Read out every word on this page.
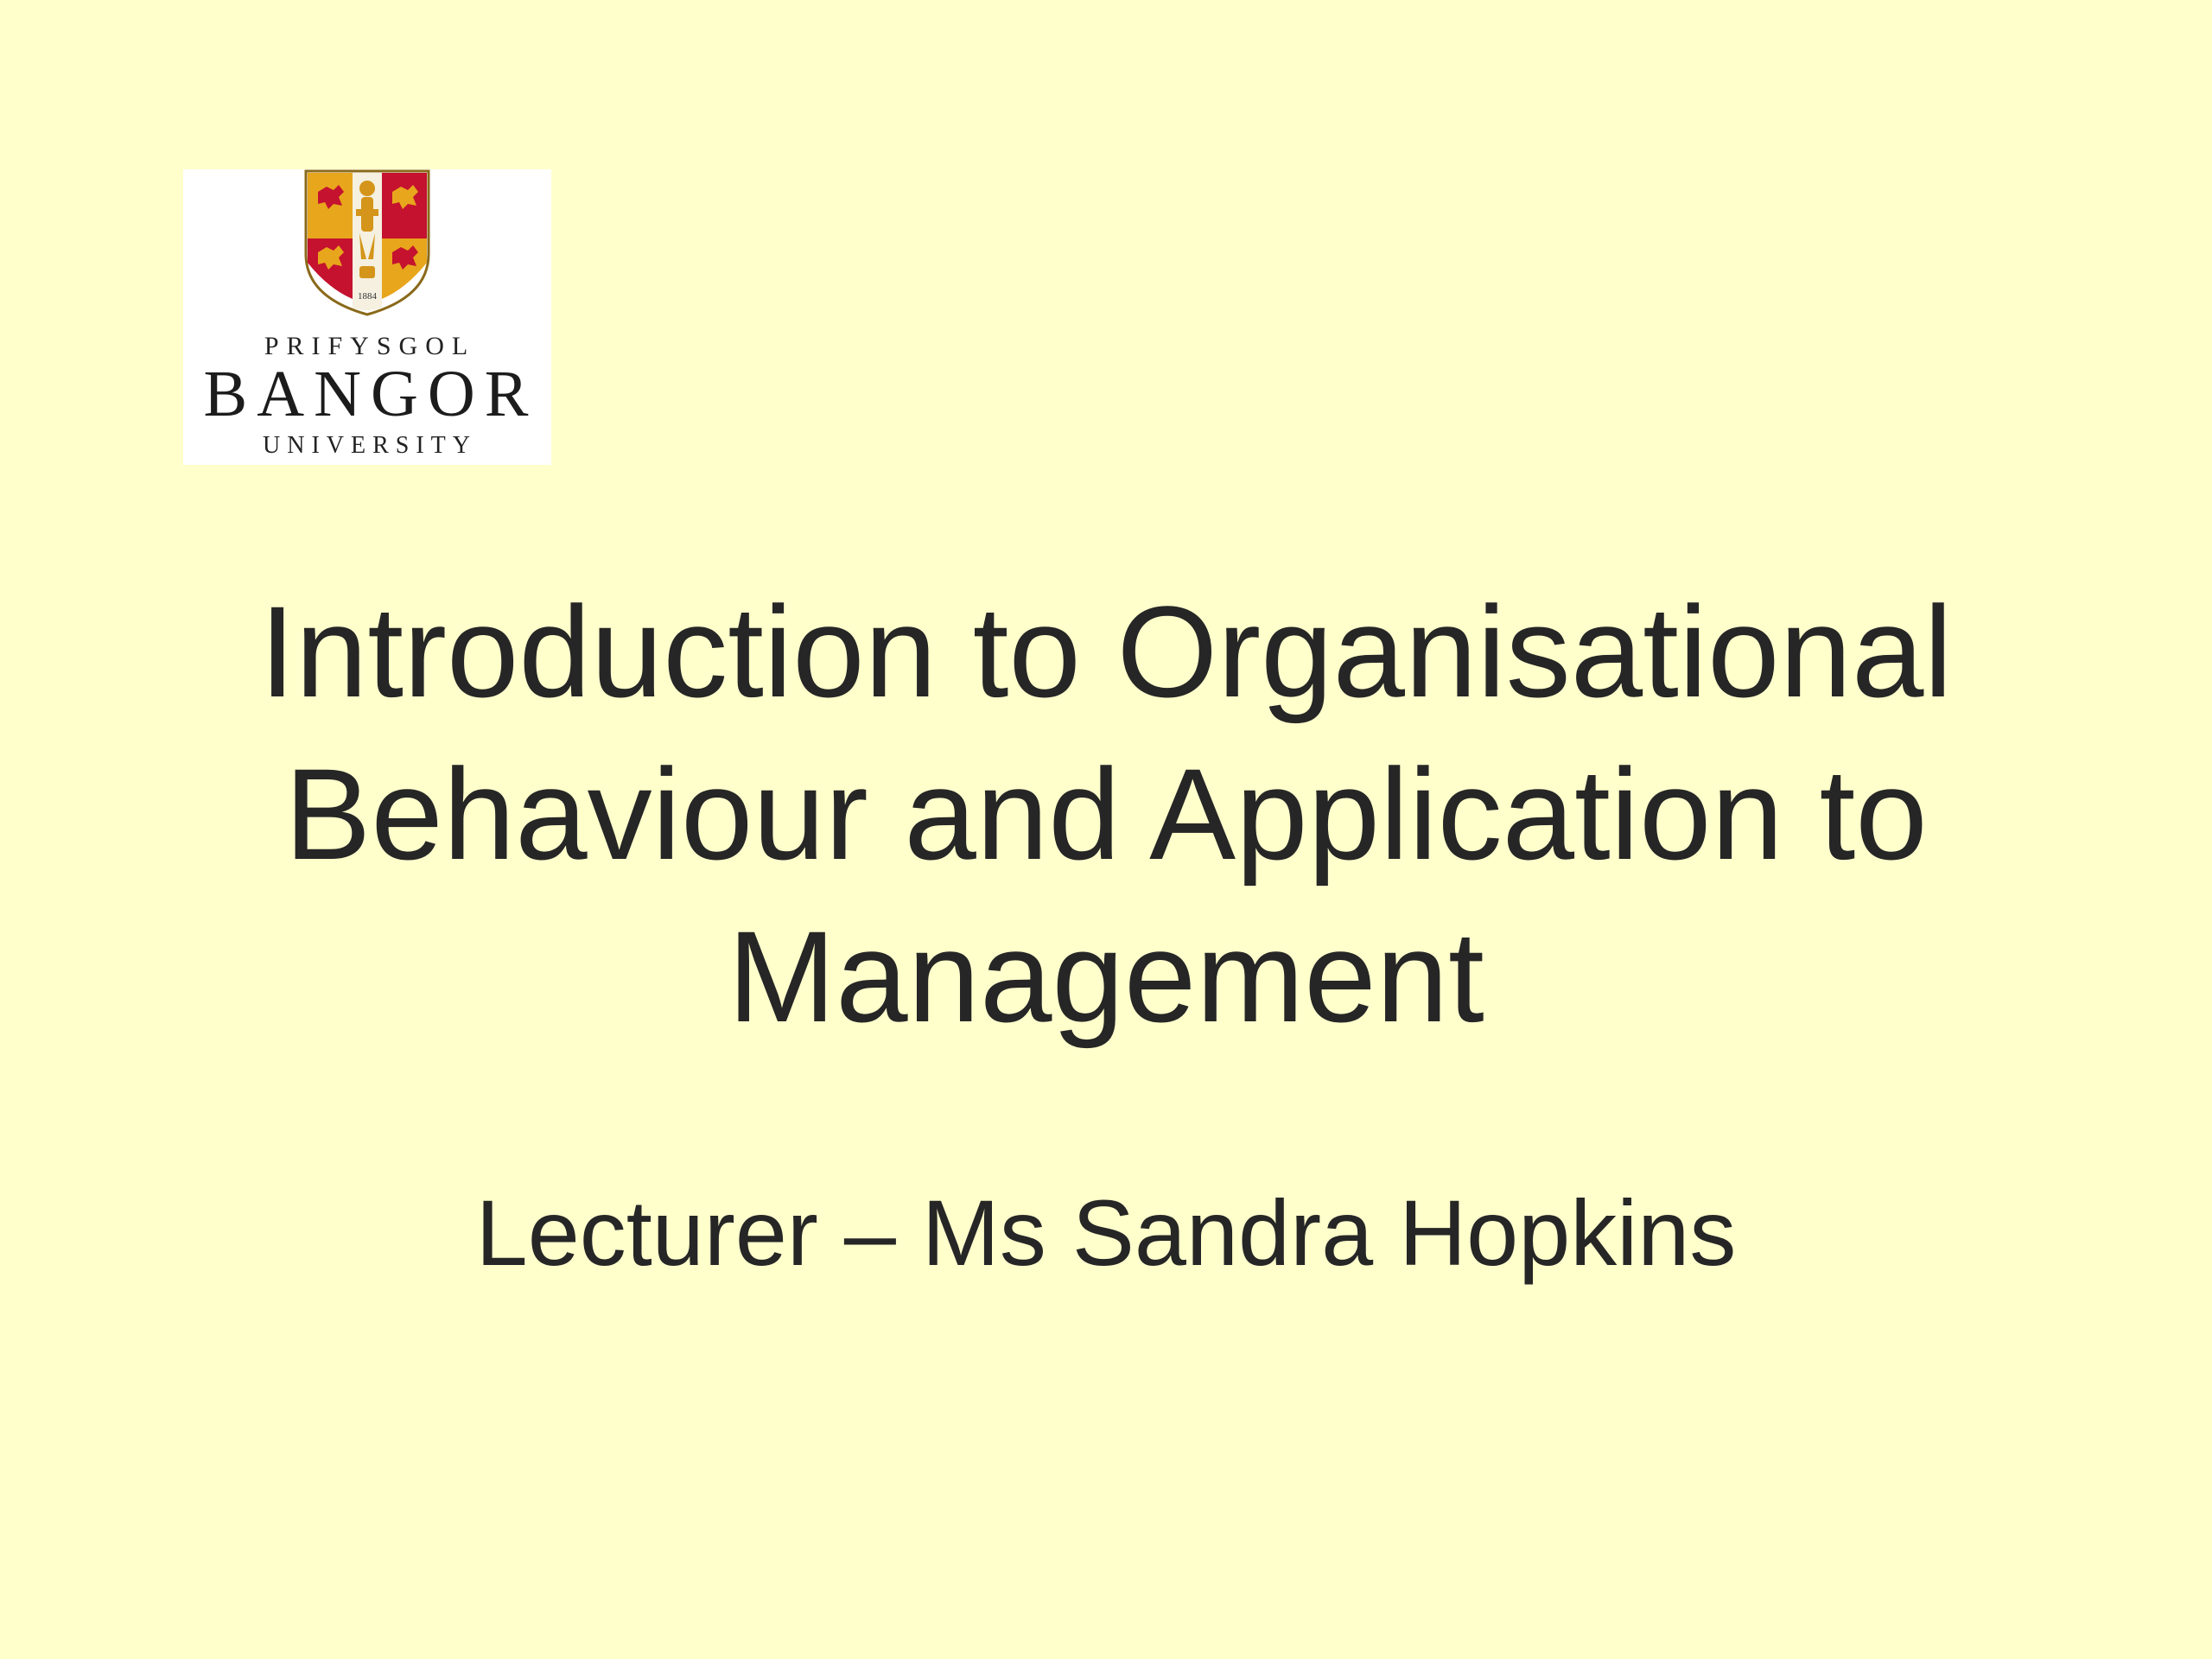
1884
PRIFYSGOL
BANGOR
UNIVERSITY
Introduction to Organisational
Behaviour and Application to
Management
Lecturer – Ms Sandra Hopkins
